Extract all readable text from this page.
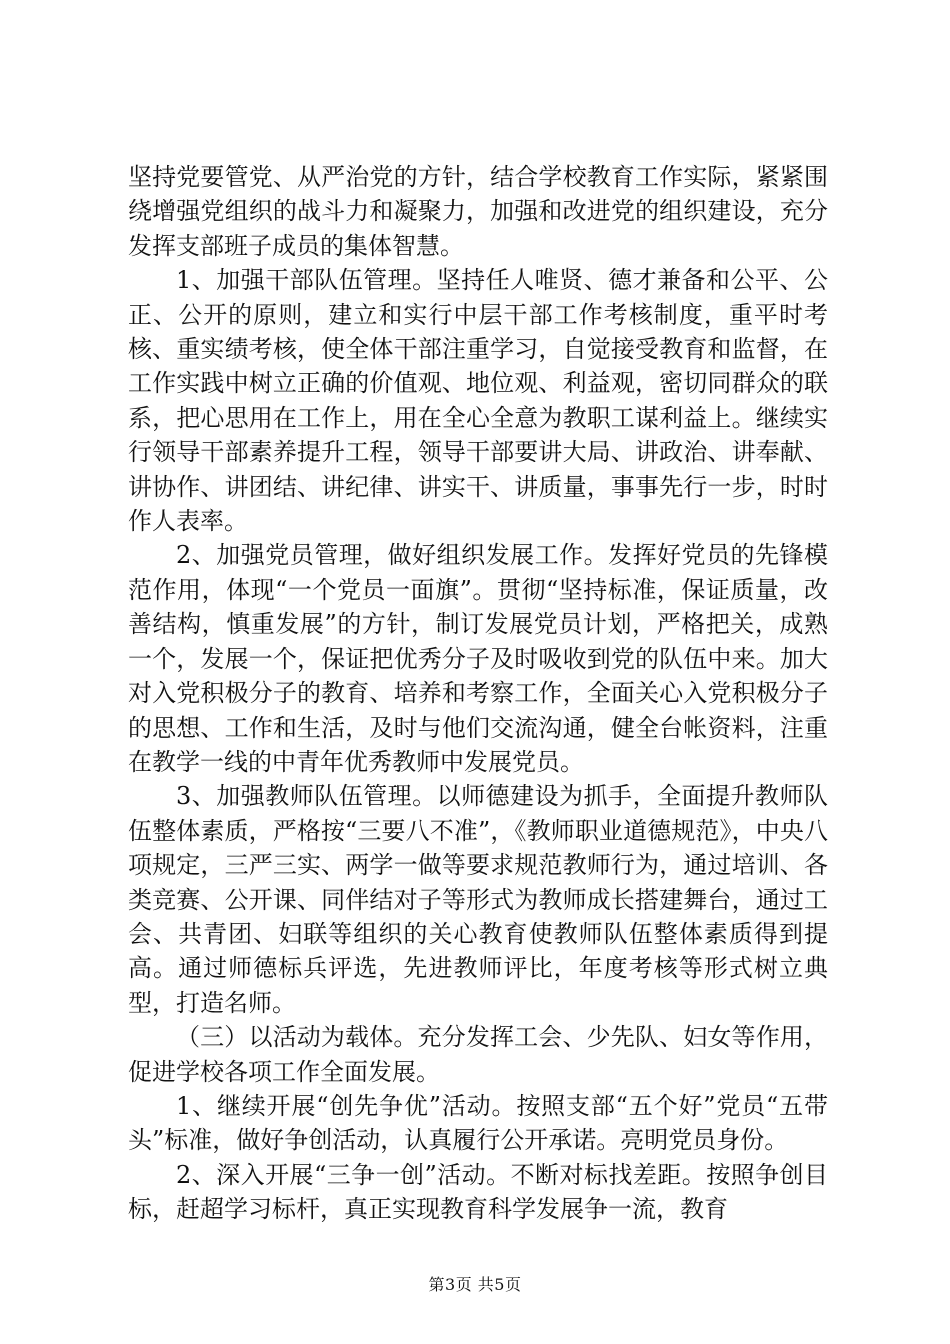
坚持党要管党、从严治党的方针，结合学校教育工作实际，紧紧围绕增强党组织的战斗力和凝聚力，加强和改进党的组织建设，充分发挥支部班子成员的集体智慧。

1、加强干部队伍管理。坚持任人唯贤、德才兼备和公平、公正、公开的原则，建立和实行中层干部工作考核制度，重平时考核、重实绩考核，使全体干部注重学习，自觉接受教育和监督，在工作实践中树立正确的价值观、地位观、利益观，密切同群众的联系，把心思用在工作上，用在全心全意为教职工谋利益上。继续实行领导干部素养提升工程，领导干部要讲大局、讲政治、讲奉献、讲协作、讲团结、讲纪律、讲实干、讲质量，事事先行一步，时时作人表率。

2、加强党员管理，做好组织发展工作。发挥好党员的先锋模范作用，体现“一个党员一面旗”。贯彻“坚持标准，保证质量，改善结构，慎重发展”的方针，制订发展党员计划，严格把关，成熟一个，发展一个，保证把优秀分子及时吸收到党的队伍中来。加大对入党积极分子的教育、培养和考察工作，全面关心入党积极分子的思想、工作和生活，及时与他们交流沟通，健全台帐资料，注重在教学一线的中青年优秀教师中发展党员。

3、加强教师队伍管理。以师德建设为抓手，全面提升教师队伍整体素质，严格按“三要八不准”，《教师职业道德规范》，中央八项规定，三严三实、两学一做等要求规范教师行为，通过培训、各类竞赛、公开课、同伴结对子等形式为教师成长搭建舞台，通过工会、共青团、妇联等组织的关心教育使教师队伍整体素质得到提高。通过师德标兵评选，先进教师评比，年度考核等形式树立典型，打造名师。

（三）以活动为载体。充分发挥工会、少先队、妇女等作用，促进学校各项工作全面发展。

1、继续开展“创先争优”活动。按照支部“五个好”党员“五带头”标准，做好争创活动，认真履行公开承诺。亮明党员身份。

2、深入开展“三争一创”活动。不断对标找差距。按照争创目标，赶超学习标杆，真正实现教育科学发展争一流，教育

第3页 共5页
